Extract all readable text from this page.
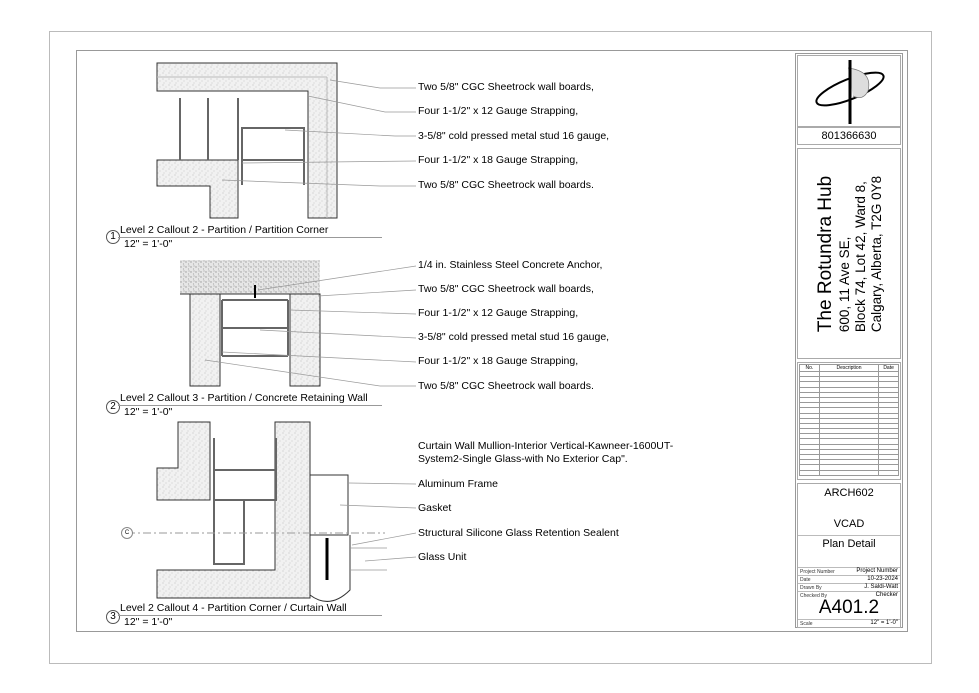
Two 5/8" CGC Sheetrock wall boards,
Four 1-1/2" x 12 Gauge Strapping,
3-5/8" cold pressed metal stud 16 gauge,
Four 1-1/2" x 18 Gauge Strapping,
Two 5/8" CGC Sheetrock wall boards.
1
Level 2 Callout 2 - Partition / Partition Corner
12" = 1'-0"
1/4 in. Stainless Steel Concrete Anchor,
Two 5/8" CGC Sheetrock wall boards,
Four 1-1/2" x 12 Gauge Strapping,
3-5/8" cold pressed metal stud 16 gauge,
Four 1-1/2" x 18 Gauge Strapping,
Two 5/8" CGC Sheetrock wall boards.
2
Level 2 Callout 3 - Partition / Concrete Retaining Wall
12" = 1'-0"
Curtain Wall Mullion-Interior Vertical-Kawneer-1600UT-
System2-Single Glass-with No Exterior Cap".
Aluminum Frame
Gasket
Structural Silicone Glass Retention Sealent
Glass Unit
C
3
Level 2 Callout 4 - Partition Corner / Curtain Wall
12" = 1'-0"
801366630
The Rotundra Hub 600, 11 Ave SE, Block 74, Lot 42, Ward 8, Calgary, Alberta, T2G 0Y8
No.	Description	Date

ARCH602
VCAD
Plan Detail
Project Number	Project Number
Date	10-23-2024
Drawn By	J. Saldi-Watt
Checked By	Checker
A401.2
Scale	12" = 1'-0"
